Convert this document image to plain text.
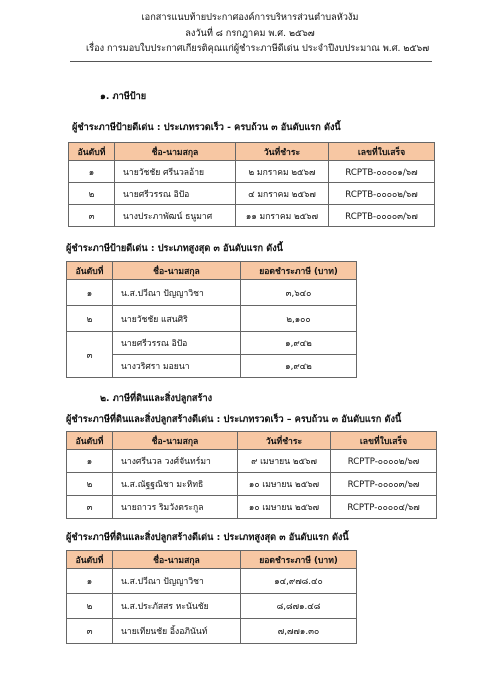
เอกสารแนบท้ายประกาศองค์การบริหารส่วนตำบลหัวงัม
ลงวันที่ ๘ กรกฎาคม พ.ศ. ๒๕๖๗
เรื่อง การมอบใบประกาศเกียรติคุณแก่ผู้ชำระภาษีดีเด่น ประจำปีงบประมาณ พ.ศ. ๒๕๖๗
๑. ภาษีป้าย
ผู้ชำระภาษีป้ายดีเด่น : ประเภทรวดเร็ว - ครบถ้วน ๓ อันดับแรก ดังนี้
อันดับที่	ชื่อ-นามสกุล	วันที่ชำระ	เลขที่ใบเสร็จ
๑	นายวัชชัย ศรีนวลอ้าย	๒ มกราคม ๒๕๖๗	RCPTB-๐๐๐๐๑/๖๗
๒	นายศรีวรรณ อิปัอ	๔ มกราคม ๒๕๖๗	RCPTB-๐๐๐๐๒/๖๗
๓	นางประภาพัฒน์ ธนูมาศ	๑๑ มกราคม ๒๕๖๗	RCPTB-๐๐๐๐๓/๖๗
ผู้ชำระภาษีป้ายดีเด่น : ประเภทสูงสุด ๓ อันดับแรก ดังนี้
อันดับที่	ชื่อ-นามสกุล	ยอดชำระภาษี (บาท)
๑	น.ส.ปวีณา ปัญญาวิชา	๓,๖๔๐
๒	นายวัชชัย แสนศิริ	๒,๑๐๐
๓	นายศรีวรรณ อิปัอ	๑,๙๔๒
	นางวริศรา มอยนา	๑,๙๔๒
๒. ภาษีที่ดินและสิ่งปลูกสร้าง
ผู้ชำระภาษีที่ดินและสิ่งปลูกสร้างดีเด่น : ประเภทรวดเร็ว – ครบถ้วน ๓ อันดับแรก ดังนี้
อันดับที่	ชื่อ-นามสกุล	วันที่ชำระ	เลขที่ใบเสร็จ
๑	นางศรีนวล วงศ์จันทร์มา	๙ เมษายน ๒๕๖๗	RCPTP-๐๐๐๐๒/๖๗
๒	น.ส.ณัฐฐณิชา มะหิทธิ	๑๐ เมษายน ๒๕๖๗	RCPTP-๐๐๐๐๓/๖๗
๓	นายถาวร ริมวังตระกูล	๑๐ เมษายน ๒๕๖๗	RCPTP-๐๐๐๐๔/๖๗
ผู้ชำระภาษีที่ดินและสิ่งปลูกสร้างดีเด่น : ประเภทสูงสุด ๓ อันดับแรก ดังนี้
อันดับที่	ชื่อ-นามสกุล	ยอดชำระภาษี (บาท)
๑	น.ส.ปวีณา ปัญญาวิชา	๑๔,๙๗๘.๔๐
๒	น.ส.ประภัสสร หะนันชัย	๘,๘๗๑.๔๘
๓	นายเทียนชัย อิ้งอภินันท์	๗,๗๗๑.๓๐
